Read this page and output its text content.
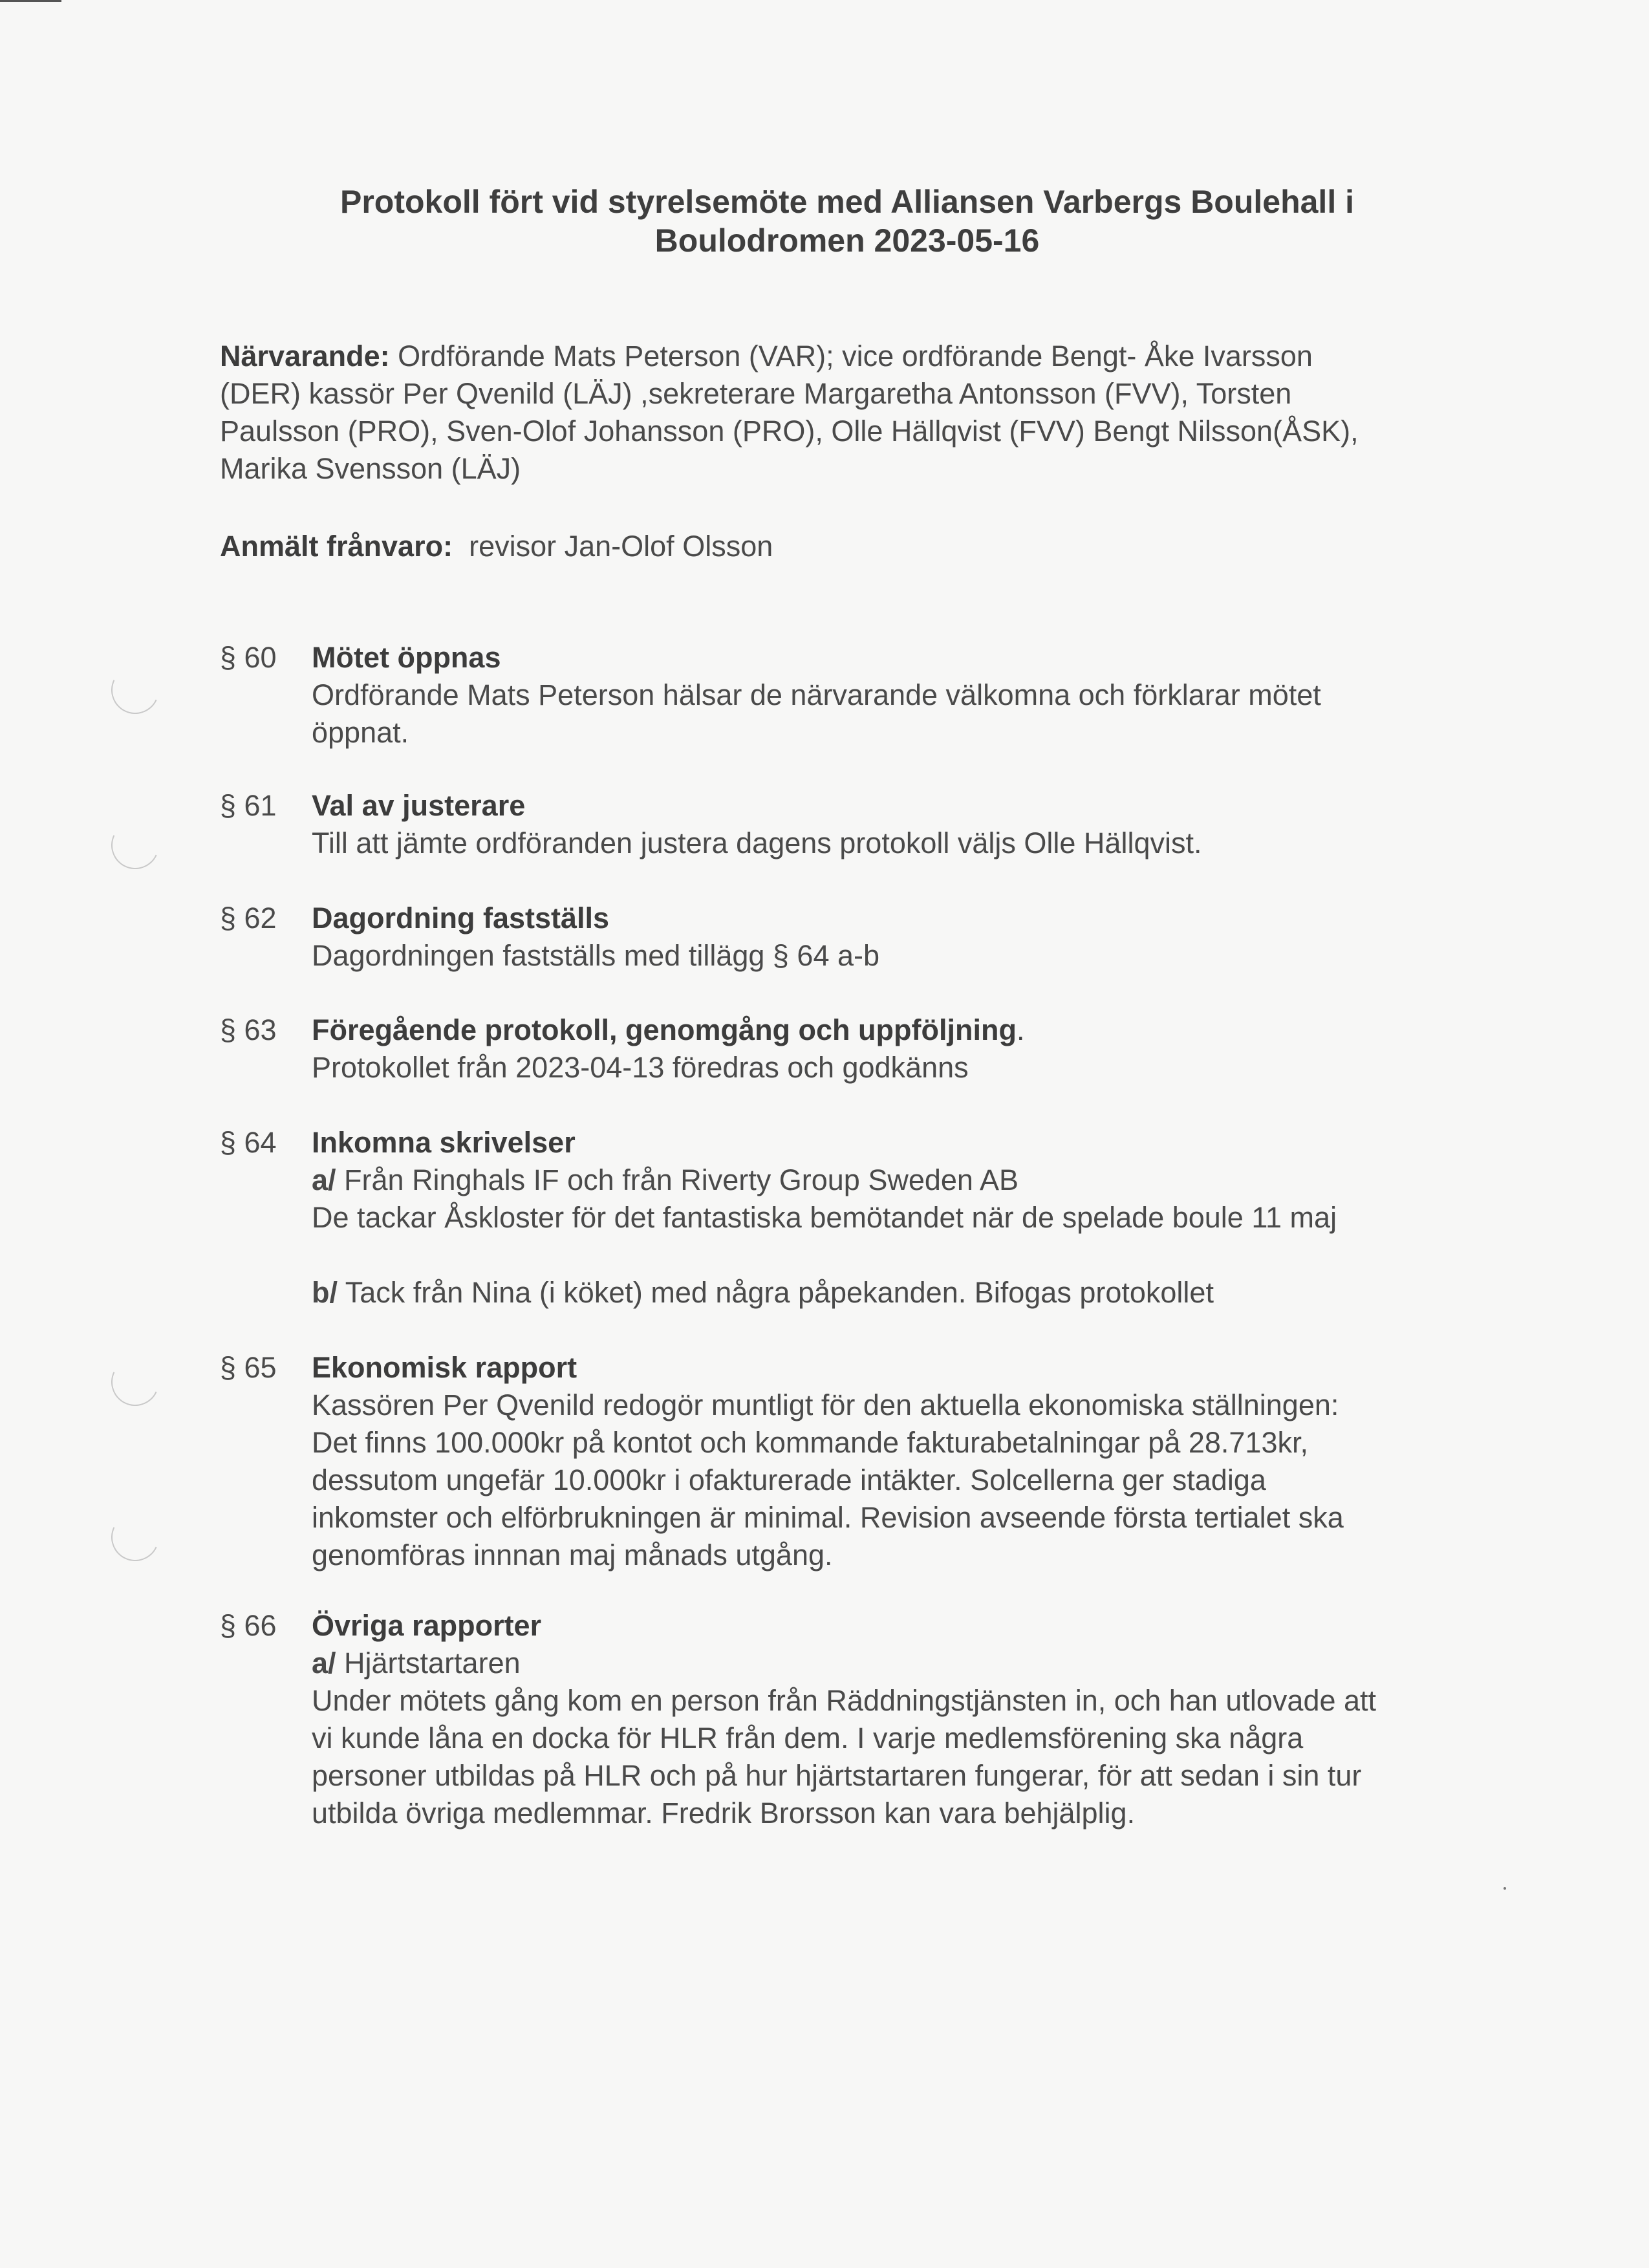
Protokoll fört vid styrelsemöte med Alliansen Varbergs Boulehall i
Boulodromen 2023-05-16
Närvarande: Ordförande Mats Peterson (VAR); vice ordförande Bengt- Åke Ivarsson
(DER) kassör Per Qvenild (LÄJ) ,sekreterare Margaretha Antonsson (FVV), Torsten
Paulsson (PRO), Sven-Olof Johansson (PRO), Olle Hällqvist (FVV) Bengt Nilsson(ÅSK),
Marika Svensson (LÄJ)
Anmält frånvaro: revisor Jan-Olof Olsson
§ 60	Mötet öppnas
Ordförande Mats Peterson hälsar de närvarande välkomna och förklarar mötet
öppnat.
§ 61	Val av justerare
Till att jämte ordföranden justera dagens protokoll väljs Olle Hällqvist.
§ 62	Dagordning fastställs
Dagordningen fastställs med tillägg § 64 a-b
§ 63	Föregående protokoll, genomgång och uppföljning.
Protokollet från 2023-04-13 föredras och godkänns
§ 64	Inkomna skrivelser
a/ Från Ringhals IF och från Riverty Group Sweden AB
De tackar Åskloster för det fantastiska bemötandet när de spelade boule 11 maj
b/ Tack från Nina (i köket) med några påpekanden. Bifogas protokollet
§ 65	Ekonomisk rapport
Kassören Per Qvenild redogör muntligt för den aktuella ekonomiska ställningen:
Det finns 100.000kr på kontot och kommande fakturabetalningar på 28.713kr,
dessutom ungefär 10.000kr i ofakturerade intäkter. Solcellerna ger stadiga
inkomster och elförbrukningen är minimal. Revision avseende första tertialet ska
genomföras innnan maj månads utgång.
§ 66	Övriga rapporter
a/ Hjärtstartaren
Under mötets gång kom en person från Räddningstjänsten in, och han utlovade att
vi kunde låna en docka för HLR från dem. I varje medlemsförening ska några
personer utbildas på HLR och på hur hjärtstartaren fungerar, för att sedan i sin tur
utbilda övriga medlemmar. Fredrik Brorsson kan vara behjälplig.
